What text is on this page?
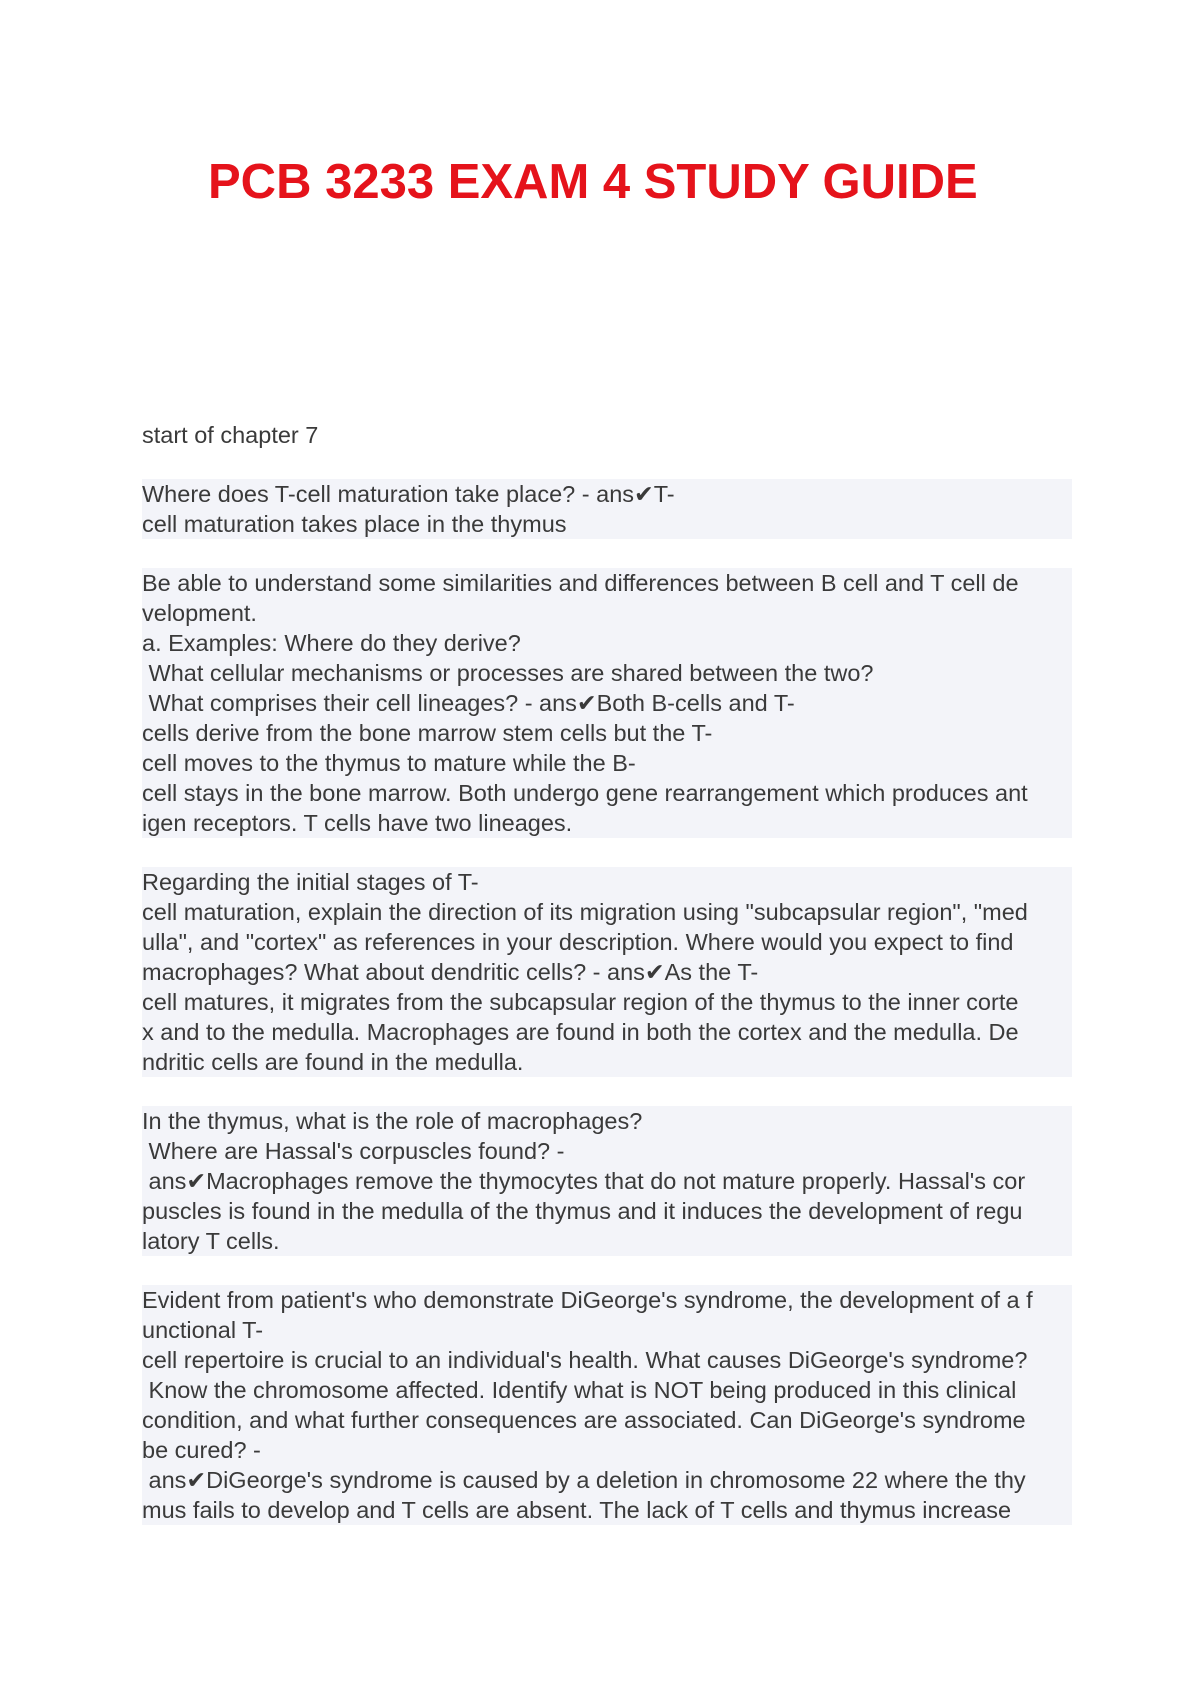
PCB 3233 EXAM 4 STUDY GUIDE
start of chapter 7
Where does T-cell maturation take place? - ans✔T-
cell maturation takes place in the thymus
Be able to understand some similarities and differences between B cell and T cell de
velopment.
a. Examples: Where do they derive?
What cellular mechanisms or processes are shared between the two?
What comprises their cell lineages? - ans✔Both B-cells and T-
cells derive from the bone marrow stem cells but the T-
cell moves to the thymus to mature while the B-
cell stays in the bone marrow. Both undergo gene rearrangement which produces ant
igen receptors. T cells have two lineages.
Regarding the initial stages of T-
cell maturation, explain the direction of its migration using "subcapsular region", "med
ulla", and "cortex" as references in your description. Where would you expect to find
macrophages? What about dendritic cells? - ans✔As the T-
cell matures, it migrates from the subcapsular region of the thymus to the inner corte
x and to the medulla. Macrophages are found in both the cortex and the medulla. De
ndritic cells are found in the medulla.
In the thymus, what is the role of macrophages?
Where are Hassal's corpuscles found? -
ans✔Macrophages remove the thymocytes that do not mature properly. Hassal's cor
puscles is found in the medulla of the thymus and it induces the development of regu
latory T cells.
Evident from patient's who demonstrate DiGeorge's syndrome, the development of a f
unctional T-
cell repertoire is crucial to an individual's health. What causes DiGeorge's syndrome?
Know the chromosome affected. Identify what is NOT being produced in this clinical
condition, and what further consequences are associated. Can DiGeorge's syndrome
be cured? -
ans✔DiGeorge's syndrome is caused by a deletion in chromosome 22 where the thy
mus fails to develop and T cells are absent. The lack of T cells and thymus increase
